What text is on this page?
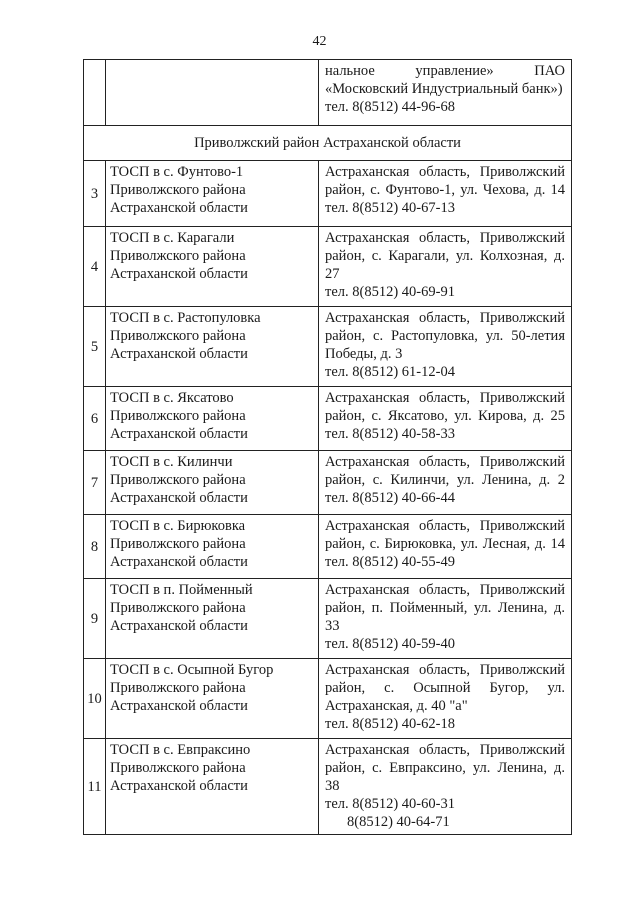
42

		нальное управление» ПАО «Московский Индустриальный банк»)
тел. 8(8512) 44-96-68

Приволжский район Астраханской области		
3	ТОСП в с. Фунтово-1 Приволжского района Астраханской области	Астраханская область, Приволжский район, с. Фунтово-1, ул. Чехова, д. 14 тел. 8(8512) 40-67-13

4	ТОСП в с. Карагали Приволжского района Астраханской области	Астраханская область, Приволжский район, с. Карагали, ул. Колхозная, д. 27
тел. 8(8512) 40-69-91

5	ТОСП в с. Растопуловка Приволжского района Астраханской области	Астраханская область, Приволжский район, с. Растопуловка, ул. 50-летия Победы, д. 3
тел. 8(8512) 61-12-04

6	ТОСП в с. Яксатово Приволжского района Астраханской области	Астраханская область, Приволжский район, с. Яксатово, ул. Кирова, д. 25 тел. 8(8512) 40-58-33

7	ТОСП в с. Килинчи Приволжского района Астраханской области	Астраханская область, Приволжский район, с. Килинчи, ул. Ленина, д. 2 тел. 8(8512) 40-66-44

8	ТОСП в с. Бирюковка Приволжского района Астраханской области	Астраханская область, Приволжский район, с. Бирюковка, ул. Лесная, д. 14 тел. 8(8512) 40-55-49

9	ТОСП в п. Пойменный Приволжского района Астраханской области	Астраханская область, Приволжский район, п. Пойменный, ул. Ленина, д. 33
тел. 8(8512) 40-59-40

10	ТОСП в с. Осыпной Бугор Приволжского района Астраханской области	Астраханская область, Приволжский район, с. Осыпной Бугор, ул. Астраханская, д. 40 "а"
тел. 8(8512) 40-62-18

11	ТОСП в с. Евпраксино Приволжского района Астраханской области	Астраханская область, Приволжский район, с. Евпраксино, ул. Ленина, д. 38
тел. 8(8512) 40-60-31
8(8512) 40-64-71
